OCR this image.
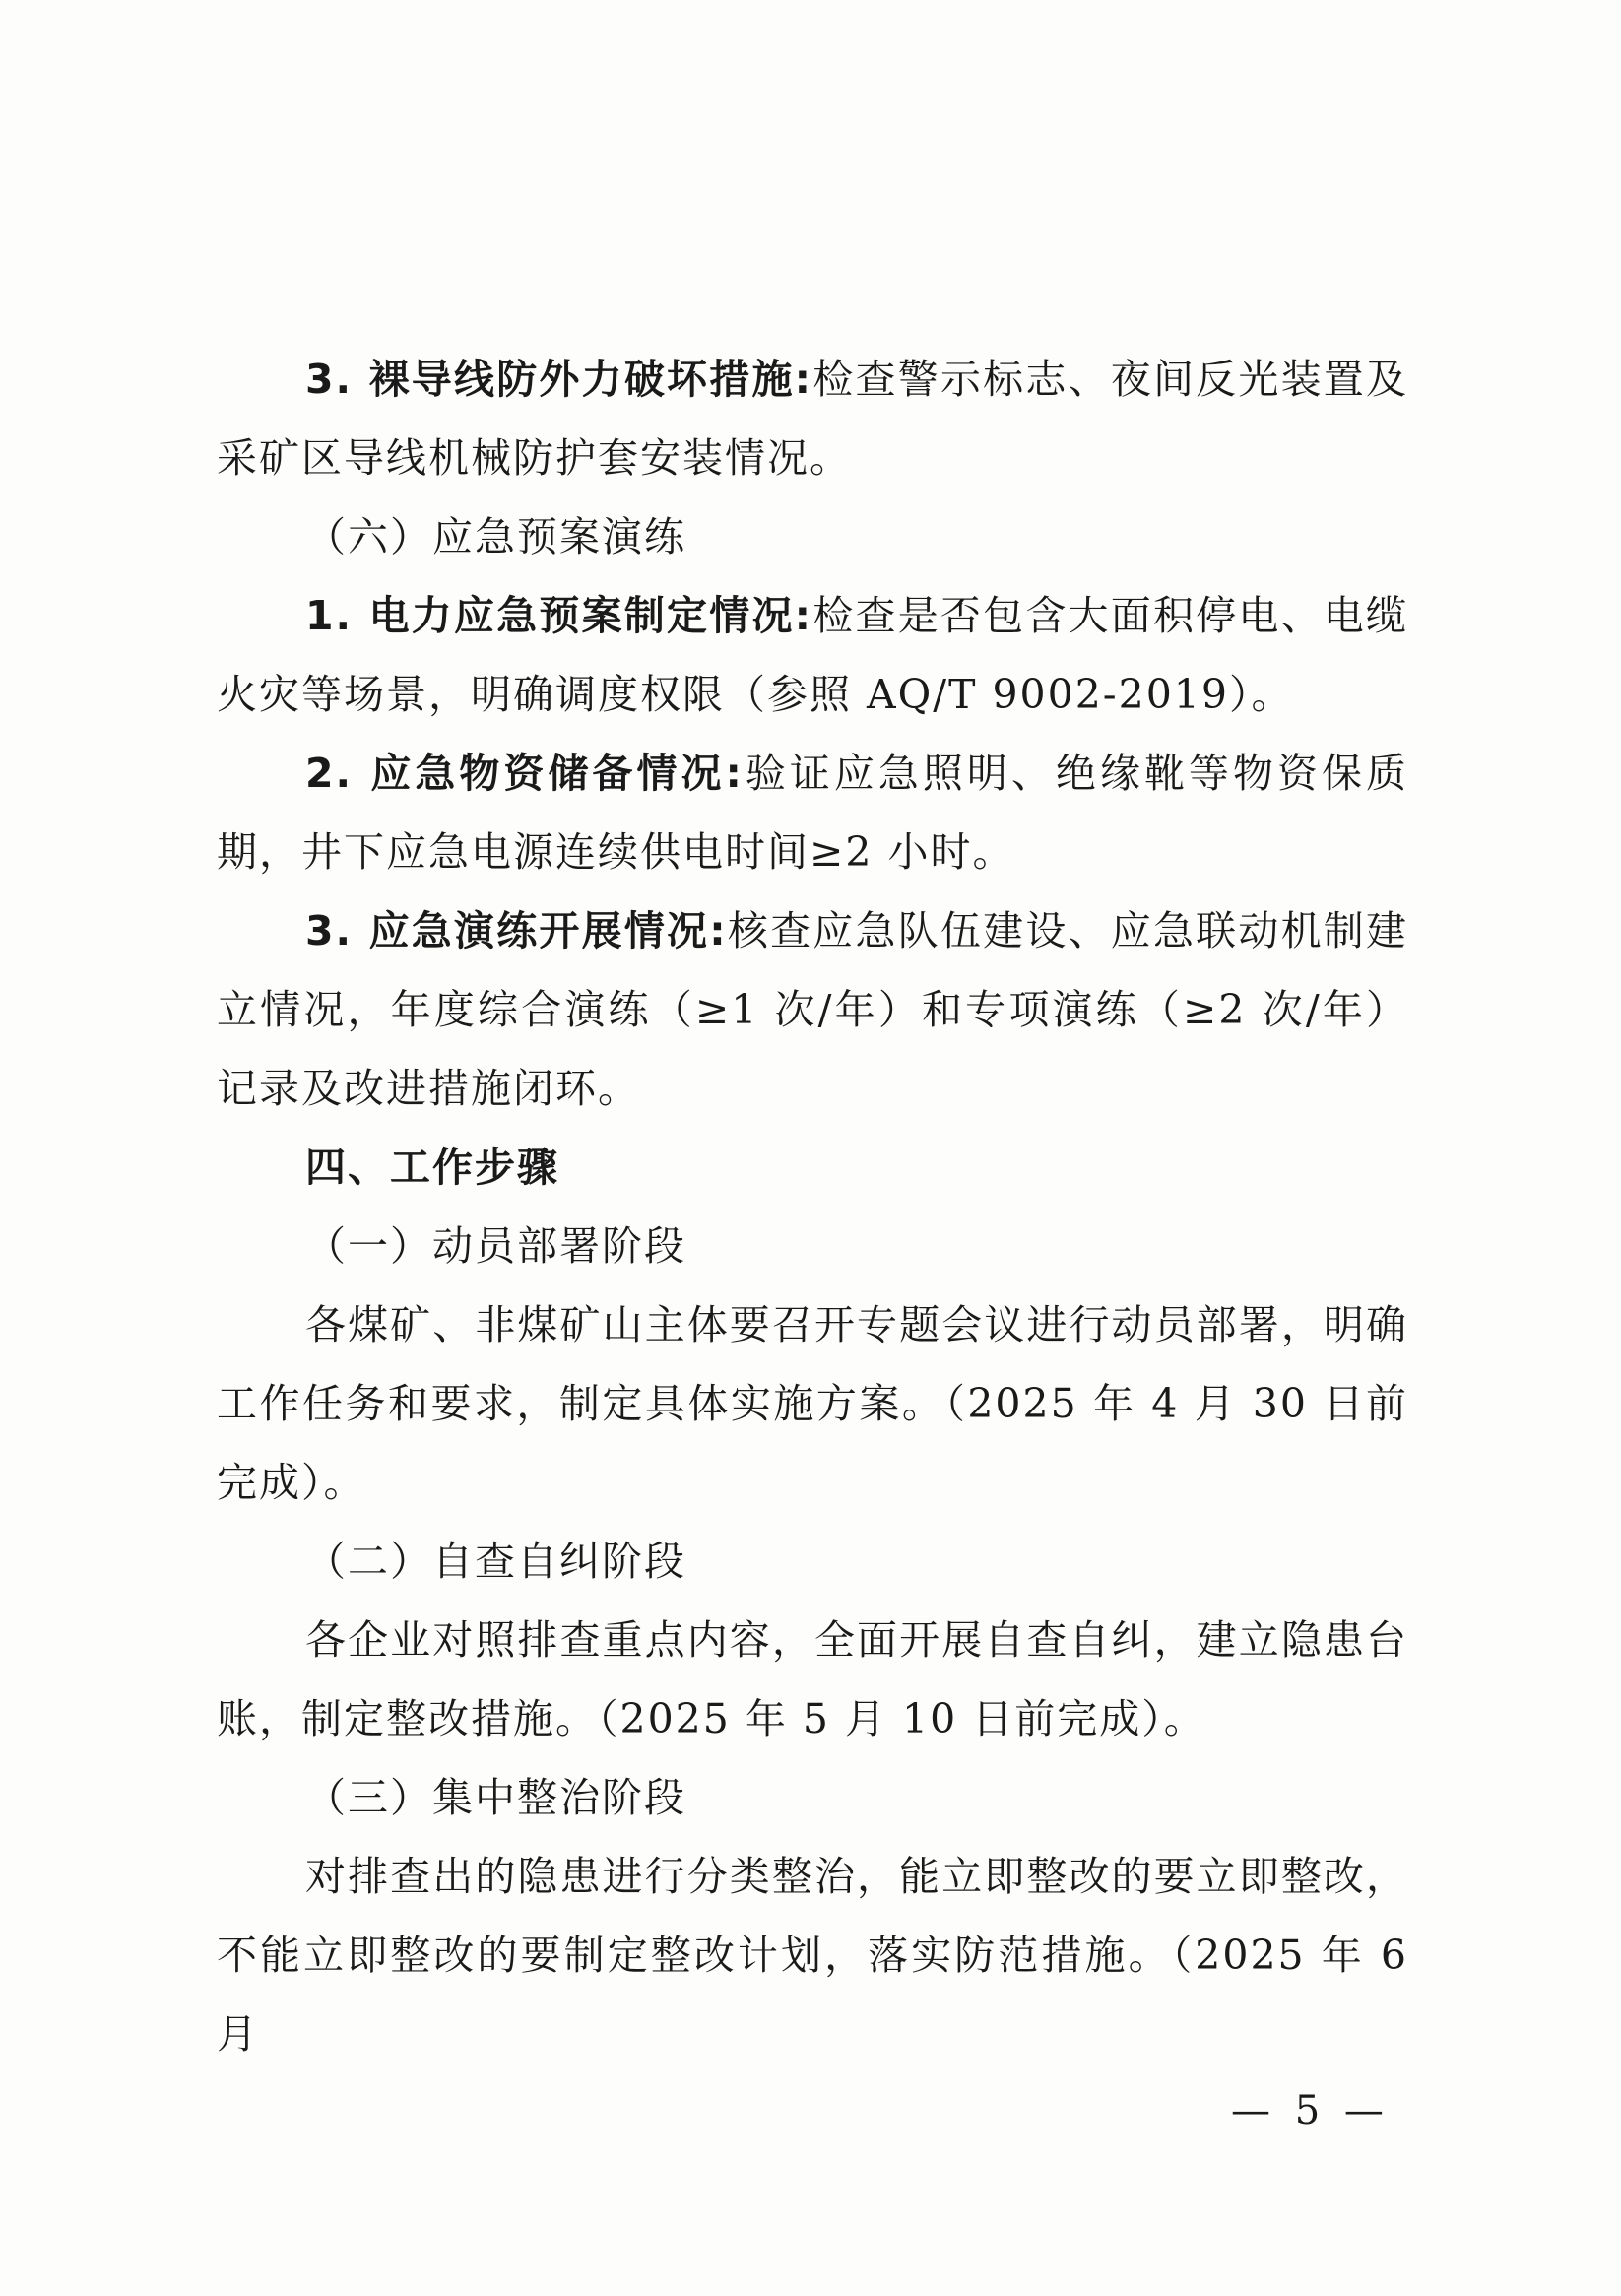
3. 裸导线防外力破坏措施:检查警示标志、夜间反光装置及采矿区导线机械防护套安装情况。

（六）应急预案演练

1. 电力应急预案制定情况:检查是否包含大面积停电、电缆火灾等场景，明确调度权限（参照 AQ/T 9002-2019）。

2. 应急物资储备情况:验证应急照明、绝缘靴等物资保质期，井下应急电源连续供电时间≥2 小时。

3. 应急演练开展情况:核查应急队伍建设、应急联动机制建立情况，年度综合演练（≥1 次/年）和专项演练（≥2 次/年）记录及改进措施闭环。

四、工作步骤

（一）动员部署阶段

各煤矿、非煤矿山主体要召开专题会议进行动员部署，明确工作任务和要求，制定具体实施方案。（2025 年 4 月 30 日前完成）。

（二）自查自纠阶段

各企业对照排查重点内容，全面开展自查自纠，建立隐患台账，制定整改措施。（2025 年 5 月 10 日前完成）。

（三）集中整治阶段

对排查出的隐患进行分类整治，能立即整改的要立即整改，不能立即整改的要制定整改计划，落实防范措施。（2025 年 6 月

— 5 —
